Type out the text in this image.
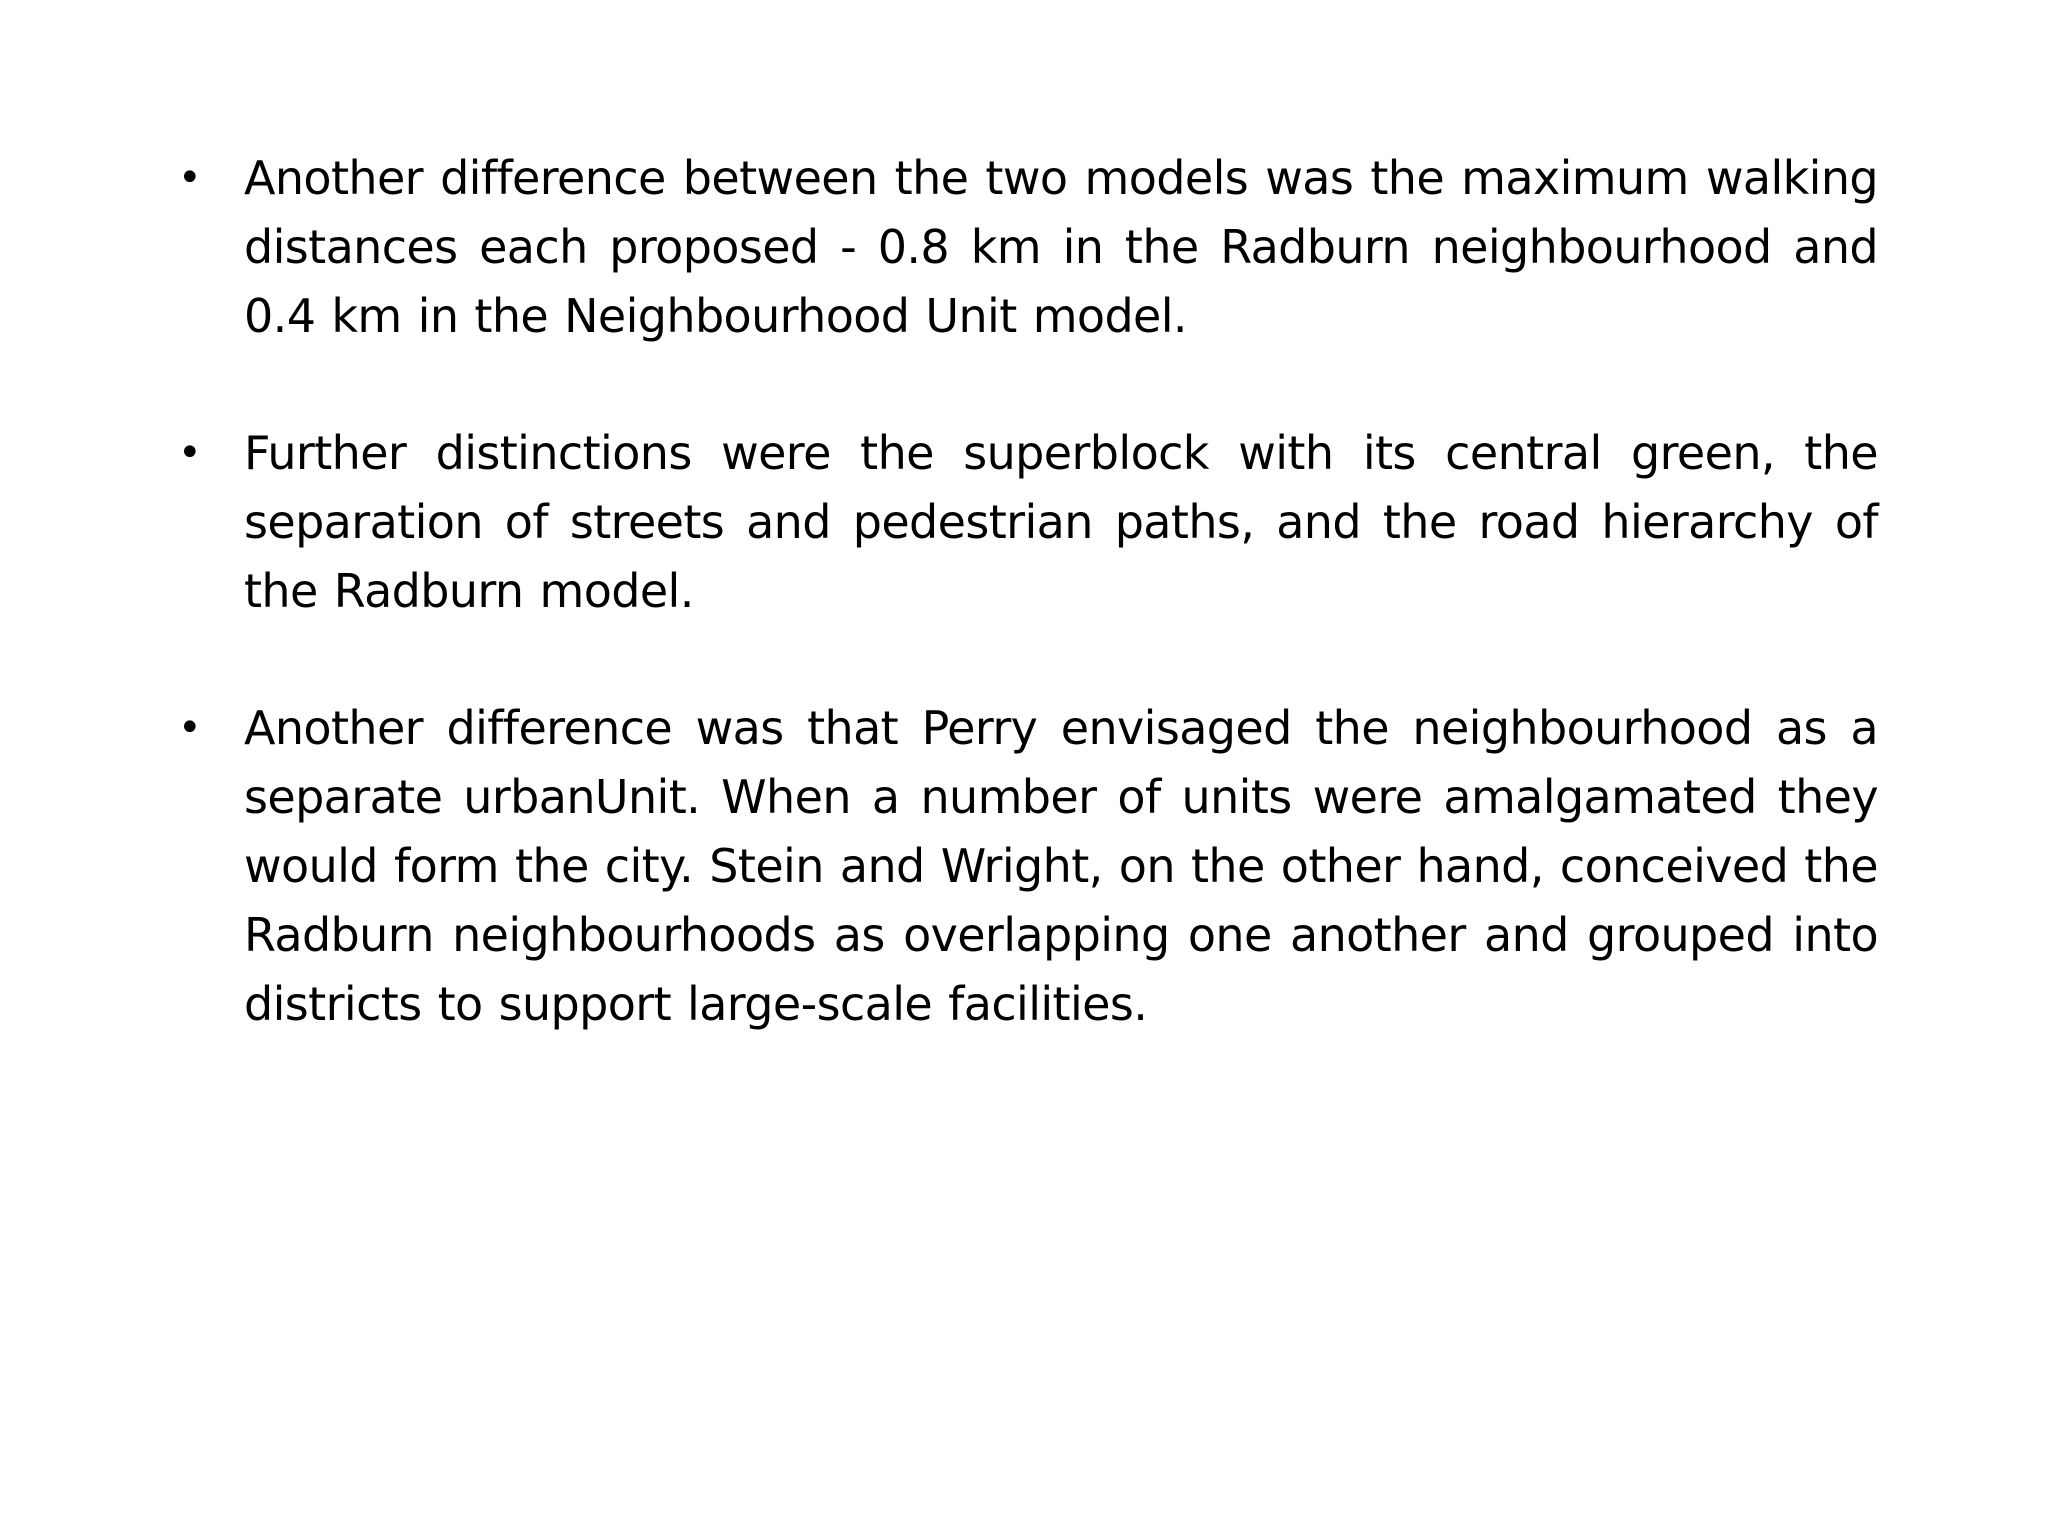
• Another difference between the two models was the maximum walking distances each proposed - 0.8 km in the Radburn neighbourhood and 0.4 km in the Neighbourhood Unit model.
• Further distinctions were the superblock with its central green, the separation of streets and pedestrian paths, and the road hierarchy of the Radburn model.
• Another difference was that Perry envisaged the neighbourhood as a separate urbanUnit. When a number of units were amalgamated they would form the city. Stein and Wright, on the other hand, conceived the Radburn neighbourhoods as overlapping one another and grouped into districts to support large-scale facilities.
